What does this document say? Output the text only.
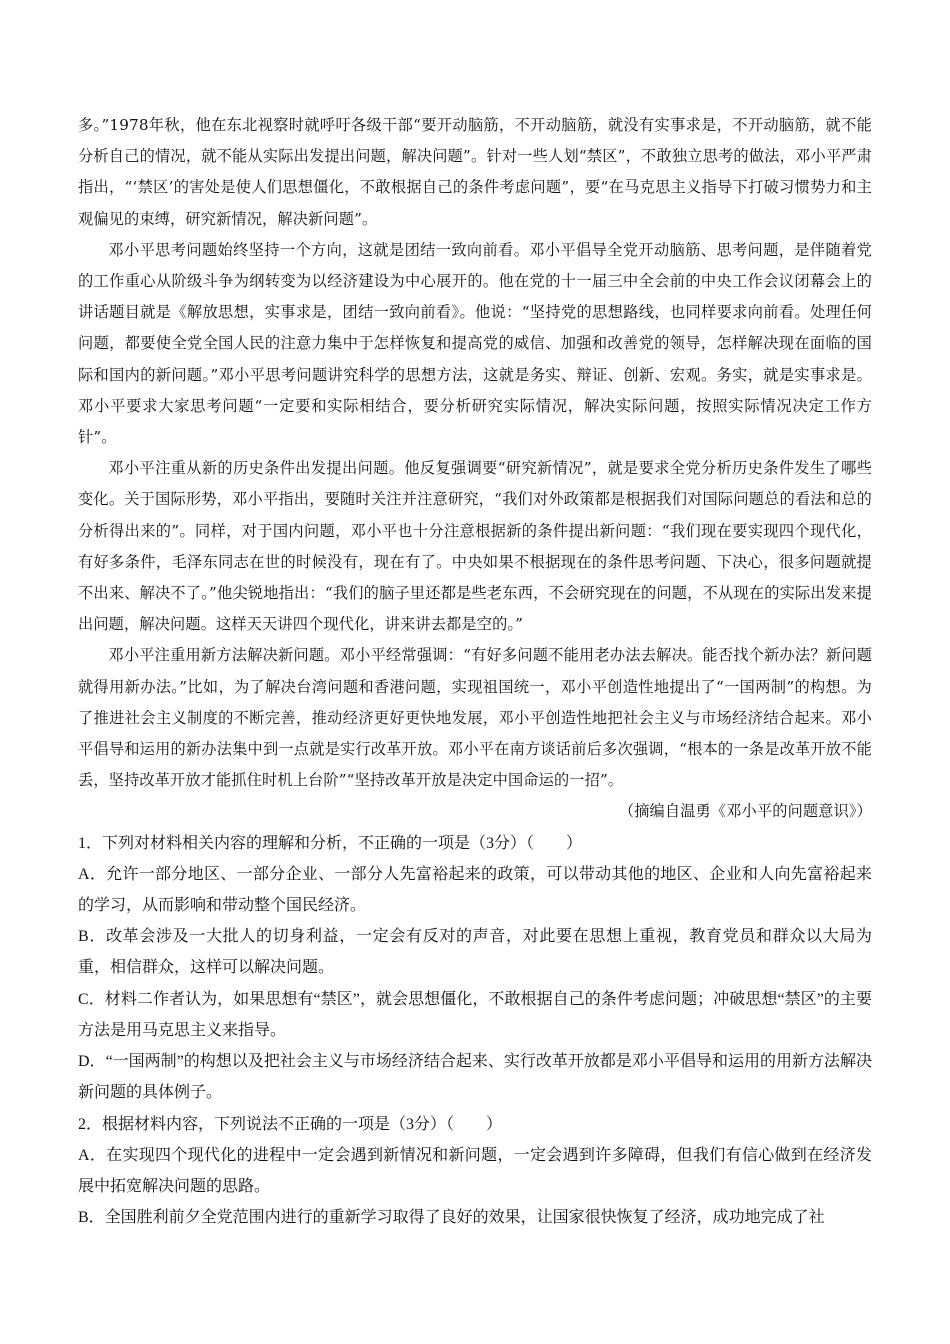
多。”1978年秋，他在东北视察时就呼吁各级干部“要开动脑筋，不开动脑筋，就没有实事求是，不开动脑筋，就不能分析自己的情况，就不能从实际出发提出问题，解决问题”。针对一些人划“禁区”，不敢独立思考的做法，邓小平严肃指出，“‘禁区’的害处是使人们思想僵化，不敢根据自己的条件考虑问题”，要“在马克思主义指导下打破习惯势力和主观偏见的束缚，研究新情况，解决新问题”。

邓小平思考问题始终坚持一个方向，这就是团结一致向前看。邓小平倡导全党开动脑筋、思考问题，是伴随着党的工作重心从阶级斗争为纲转变为以经济建设为中心展开的。他在党的十一届三中全会前的中央工作会议闭幕会上的讲话题目就是《解放思想，实事求是，团结一致向前看》。他说：“坚持党的思想路线，也同样要求向前看。处理任何问题，都要使全党全国人民的注意力集中于怎样恢复和提高党的威信、加强和改善党的领导，怎样解决现在面临的国际和国内的新问题。”邓小平思考问题讲究科学的思想方法，这就是务实、辩证、创新、宏观。务实，就是实事求是。邓小平要求大家思考问题“一定要和实际相结合，要分析研究实际情况，解决实际问题，按照实际情况决定工作方针”。

邓小平注重从新的历史条件出发提出问题。他反复强调要“研究新情况”，就是要求全党分析历史条件发生了哪些变化。关于国际形势，邓小平指出，要随时关注并注意研究，“我们对外政策都是根据我们对国际问题总的看法和总的分析得出来的”。同样，对于国内问题，邓小平也十分注意根据新的条件提出新问题：“我们现在要实现四个现代化，有好多条件，毛泽东同志在世的时候没有，现在有了。中央如果不根据现在的条件思考问题、下决心，很多问题就提不出来、解决不了。”他尖锐地指出：“我们的脑子里还都是些老东西，不会研究现在的问题，不从现在的实际出发来提出问题，解决问题。这样天天讲四个现代化，讲来讲去都是空的。”

邓小平注重用新方法解决新问题。邓小平经常强调：“有好多问题不能用老办法去解决。能否找个新办法？新问题就得用新办法。”比如，为了解决台湾问题和香港问题，实现祖国统一，邓小平创造性地提出了“一国两制”的构想。为了推进社会主义制度的不断完善，推动经济更好更快地发展，邓小平创造性地把社会主义与市场经济结合起来。邓小平倡导和运用的新办法集中到一点就是实行改革开放。邓小平在南方谈话前后多次强调，“根本的一条是改革开放不能丢，坚持改革开放才能抓住时机上台阶”“坚持改革开放是决定中国命运的一招”。

（摘编自温勇《邓小平的问题意识》）

1．下列对材料相关内容的理解和分析，不正确的一项是（3分）（　　）

A．允许一部分地区、一部分企业、一部分人先富裕起来的政策，可以带动其他的地区、企业和人向先富裕起来的学习，从而影响和带动整个国民经济。

B．改革会涉及一大批人的切身利益，一定会有反对的声音，对此要在思想上重视，教育党员和群众以大局为重，相信群众，这样可以解决问题。

C．材料二作者认为，如果思想有“禁区”，就会思想僵化，不敢根据自己的条件考虑问题；冲破思想“禁区”的主要方法是用马克思主义来指导。

D．“一国两制”的构想以及把社会主义与市场经济结合起来、实行改革开放都是邓小平倡导和运用的用新方法解决新问题的具体例子。

2．根据材料内容，下列说法不正确的一项是（3分）（　　）

A．在实现四个现代化的进程中一定会遇到新情况和新问题，一定会遇到许多障碍，但我们有信心做到在经济发展中拓宽解决问题的思路。

B．全国胜利前夕全党范围内进行的重新学习取得了良好的效果，让国家很快恢复了经济，成功地完成了社
